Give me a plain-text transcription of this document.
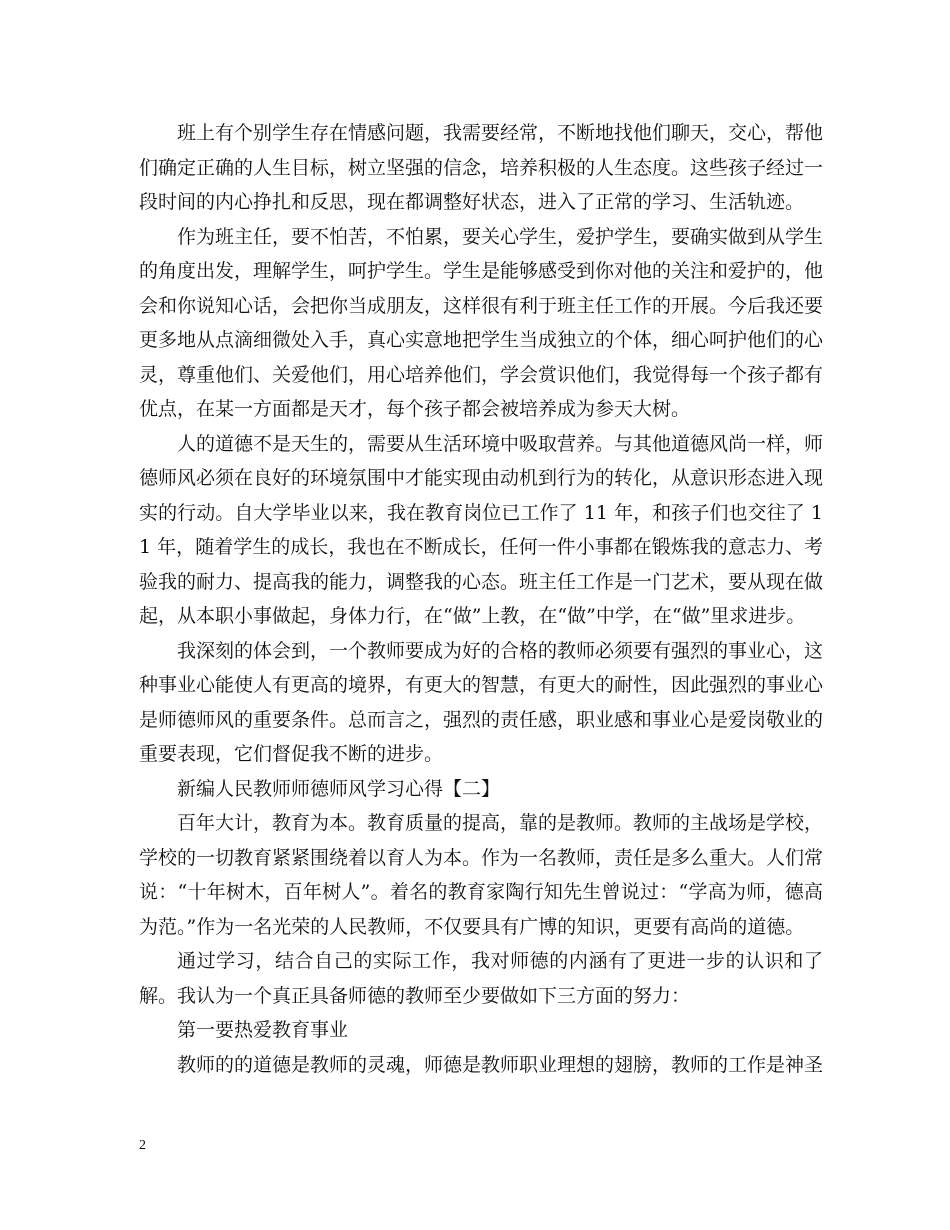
班上有个别学生存在情感问题，我需要经常，不断地找他们聊天，交心，帮他们确定正确的人生目标，树立坚强的信念，培养积极的人生态度。这些孩子经过一段时间的内心挣扎和反思，现在都调整好状态，进入了正常的学习、生活轨迹。

作为班主任，要不怕苦，不怕累，要关心学生，爱护学生，要确实做到从学生的角度出发，理解学生，呵护学生。学生是能够感受到你对他的关注和爱护的，他会和你说知心话，会把你当成朋友，这样很有利于班主任工作的开展。今后我还要更多地从点滴细微处入手，真心实意地把学生当成独立的个体，细心呵护他们的心灵，尊重他们、关爱他们，用心培养他们，学会赏识他们，我觉得每一个孩子都有优点，在某一方面都是天才，每个孩子都会被培养成为参天大树。

人的道德不是天生的，需要从生活环境中吸取营养。与其他道德风尚一样，师德师风必须在良好的环境氛围中才能实现由动机到行为的转化，从意识形态进入现实的行动。自大学毕业以来，我在教育岗位已工作了 11 年，和孩子们也交往了 11 年，随着学生的成长，我也在不断成长，任何一件小事都在锻炼我的意志力、考验我的耐力、提高我的能力，调整我的心态。班主任工作是一门艺术，要从现在做起，从本职小事做起，身体力行，在“做”上教，在“做”中学，在“做”里求进步。

我深刻的体会到，一个教师要成为好的合格的教师必须要有强烈的事业心，这种事业心能使人有更高的境界，有更大的智慧，有更大的耐性，因此强烈的事业心是师德师风的重要条件。总而言之，强烈的责任感，职业感和事业心是爱岗敬业的重要表现，它们督促我不断的进步。

新编人民教师师德师风学习心得【二】

百年大计，教育为本。教育质量的提高，靠的是教师。教师的主战场是学校，学校的一切教育紧紧围绕着以育人为本。作为一名教师，责任是多么重大。人们常说：“十年树木，百年树人”。着名的教育家陶行知先生曾说过：“学高为师，德高为范。”作为一名光荣的人民教师，不仅要具有广博的知识，更要有高尚的道德。

通过学习，结合自己的实际工作，我对师德的内涵有了更进一步的认识和了解。我认为一个真正具备师德的教师至少要做如下三方面的努力：

第一要热爱教育事业

教师的的道德是教师的灵魂，师德是教师职业理想的翅膀，教师的工作是神圣

2
